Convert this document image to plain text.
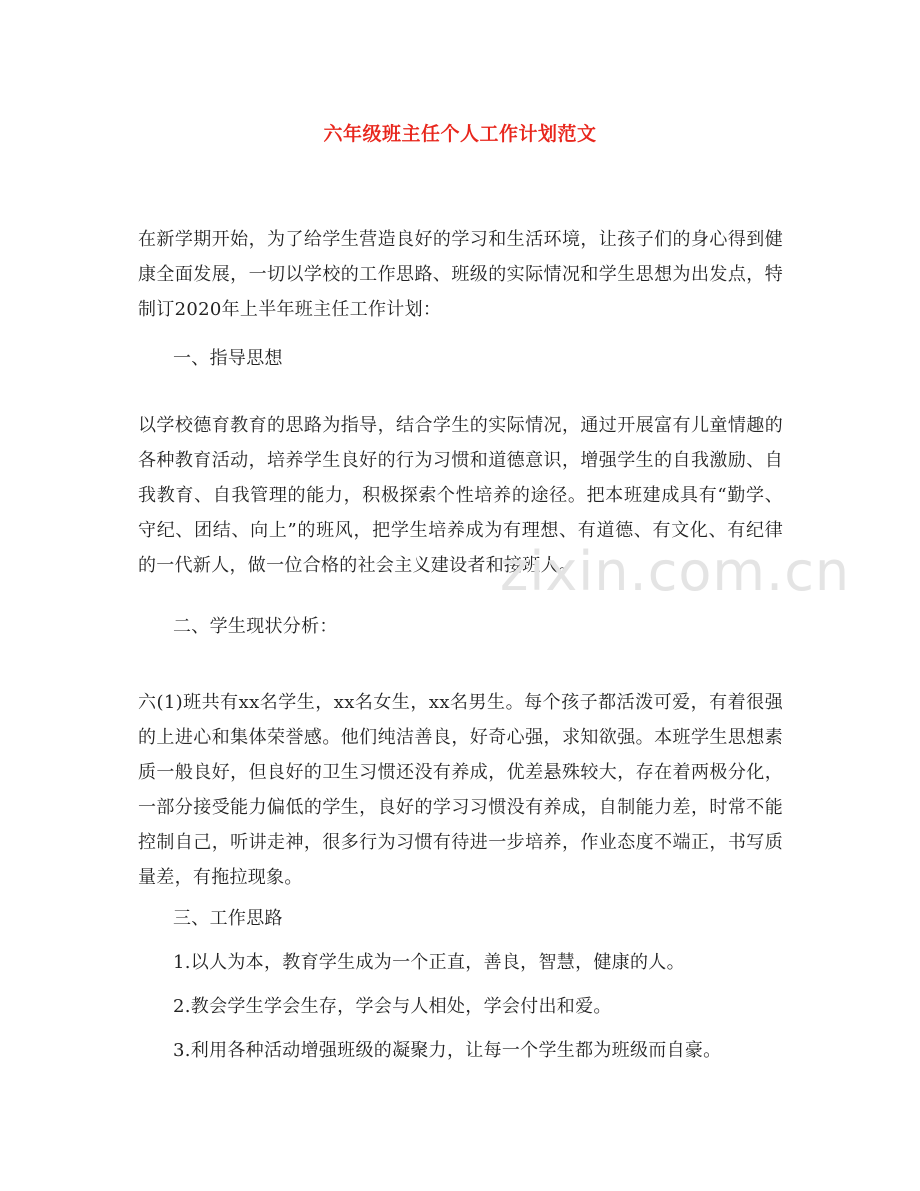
六年级班主任个人工作计划范文
在新学期开始，为了给学生营造良好的学习和生活环境，让孩子们的身心得到健康全面发展，一切以学校的工作思路、班级的实际情况和学生思想为出发点，特制订2020年上半年班主任工作计划：
一、指导思想
以学校德育教育的思路为指导，结合学生的实际情况，通过开展富有儿童情趣的各种教育活动，培养学生良好的行为习惯和道德意识，增强学生的自我激励、自我教育、自我管理的能力，积极探索个性培养的途径。把本班建成具有“勤学、守纪、团结、向上”的班风，把学生培养成为有理想、有道德、有文化、有纪律的一代新人，做一位合格的社会主义建设者和接班人。
二、学生现状分析：
六(1)班共有xx名学生，xx名女生，xx名男生。每个孩子都活泼可爱，有着很强的上进心和集体荣誉感。他们纯洁善良，好奇心强，求知欲强。本班学生思想素质一般良好，但良好的卫生习惯还没有养成，优差悬殊较大，存在着两极分化，一部分接受能力偏低的学生，良好的学习习惯没有养成，自制能力差，时常不能控制自己，听讲走神，很多行为习惯有待进一步培养，作业态度不端正，书写质量差，有拖拉现象。
三、工作思路
1.以人为本，教育学生成为一个正直，善良，智慧，健康的人。
2.教会学生学会生存，学会与人相处，学会付出和爱。
3.利用各种活动增强班级的凝聚力，让每一个学生都为班级而自豪。
zixin.com.cn
